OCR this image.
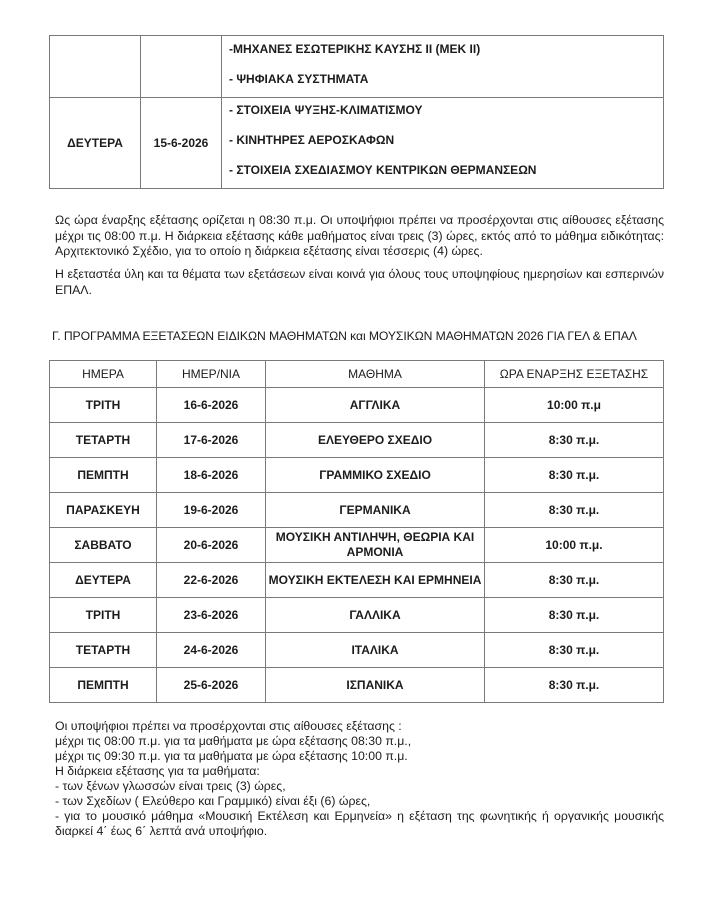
		-ΜΗΧΑΝΕΣ ΕΣΩΤΕΡΙΚΗΣ ΚΑΥΣΗΣ ΙΙ (ΜΕΚ ΙΙ)
- ΨΗΦΙΑΚΑ ΣΥΣΤΗΜΑΤΑ

ΔΕΥΤΕΡΑ	15-6-2026	- ΣΤΟΙΧΕΙΑ ΨΥΞΗΣ-ΚΛΙΜΑΤΙΣΜΟΥ
- ΚΙΝΗΤΗΡΕΣ ΑΕΡΟΣΚΑΦΩΝ
- ΣΤΟΙΧΕΙΑ ΣΧΕΔΙΑΣΜΟΥ ΚΕΝΤΡΙΚΩΝ ΘΕΡΜΑΝΣΕΩΝ
Ως ώρα έναρξης εξέτασης ορίζεται η 08:30 π.μ. Οι υποψήφιοι πρέπει να προσέρχονται στις αίθουσες εξέτασης μέχρι τις 08:00 π.μ. Η διάρκεια εξέτασης κάθε μαθήματος είναι τρεις (3) ώρες, εκτός από το μάθημα ειδικότητας: Αρχιτεκτονικό Σχέδιο, για το οποίο η διάρκεια εξέτασης είναι τέσσερις (4) ώρες.
Η εξεταστέα ύλη και τα θέματα των εξετάσεων είναι κοινά για όλους τους υποψηφίους ημερησίων και εσπερινών ΕΠΑΛ.
Γ. ΠΡΟΓΡΑΜΜΑ ΕΞΕΤΑΣΕΩΝ ΕΙΔΙΚΩΝ ΜΑΘΗΜΑΤΩΝ και ΜΟΥΣΙΚΩΝ ΜΑΘΗΜΑΤΩΝ 2026 ΓΙΑ ΓΕΛ & ΕΠΑΛ
ΗΜΕΡΑ	ΗΜΕΡ/ΝΙΑ	ΜΑΘΗΜΑ	ΩΡΑ ΕΝΑΡΞΗΣ ΕΞΕΤΑΣΗΣ
ΤΡΙΤΗ	16-6-2026	ΑΓΓΛΙΚΑ	10:00 π.μ
ΤΕΤΑΡΤΗ	17-6-2026	ΕΛΕΥΘΕΡΟ ΣΧΕΔΙΟ	8:30 π.μ.
ΠΕΜΠΤΗ	18-6-2026	ΓΡΑΜΜΙΚΟ ΣΧΕΔΙΟ	8:30 π.μ.
ΠΑΡΑΣΚΕΥΗ	19-6-2026	ΓΕΡΜΑΝΙΚΑ	8:30 π.μ.
ΣΑΒΒΑΤΟ	20-6-2026	ΜΟΥΣΙΚΗ ΑΝΤΙΛΗΨΗ, ΘΕΩΡΙΑ ΚΑΙ ΑΡΜΟΝΙΑ	10:00 π.μ.
ΔΕΥΤΕΡΑ	22-6-2026	ΜΟΥΣΙΚΗ ΕΚΤΕΛΕΣΗ ΚΑΙ ΕΡΜΗΝΕΙΑ	8:30 π.μ.
ΤΡΙΤΗ	23-6-2026	ΓΑΛΛΙΚΑ	8:30 π.μ.
ΤΕΤΑΡΤΗ	24-6-2026	ΙΤΑΛΙΚΑ	8:30 π.μ.
ΠΕΜΠΤΗ	25-6-2026	ΙΣΠΑΝΙΚΑ	8:30 π.μ.
Οι υποψήφιοι πρέπει να προσέρχονται στις αίθουσες εξέτασης :
μέχρι τις 08:00 π.μ. για τα μαθήματα με ώρα εξέτασης 08:30 π.μ.,
μέχρι τις 09:30 π.μ. για τα μαθήματα με ώρα εξέτασης 10:00 π.μ.
Η διάρκεια εξέτασης για τα μαθήματα:
- των ξένων γλωσσών είναι τρεις (3) ώρες,
- των Σχεδίων ( Ελεύθερο και Γραμμικό) είναι έξι (6) ώρες,
- για το μουσικό μάθημα «Μουσική Εκτέλεση και Ερμηνεία» η εξέταση της φωνητικής ή οργανικής μουσικής διαρκεί 4΄ έως 6΄ λεπτά ανά υποψήφιο.
